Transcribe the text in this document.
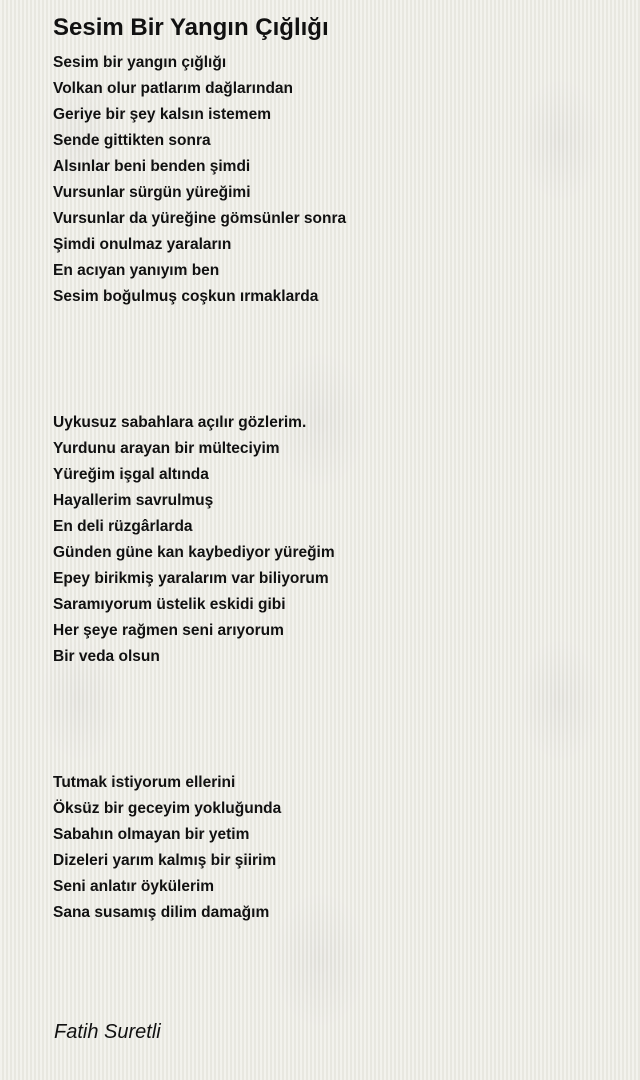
Sesim Bir Yangın Çığlığı
Sesim bir yangın çığlığı
Volkan olur patlarım dağlarından
Geriye bir şey kalsın istemem
Sende gittikten sonra
Alsınlar beni benden şimdi
Vursunlar sürgün yüreğimi
Vursunlar da yüreğine gömsünler sonra
Şimdi onulmaz yaraların
En acıyan yanıyım ben
Sesim boğulmuş coşkun ırmaklarda
Uykusuz sabahlara açılır gözlerim.
Yurdunu arayan bir mülteciyim
Yüreğim işgal altında
Hayallerim savrulmuş
En deli rüzgârlarda
Günden güne kan kaybediyor yüreğim
Epey birikmiş yaralarım var biliyorum
Saramıyorum üstelik eskidi gibi
Her şeye rağmen seni arıyorum
Bir veda olsun
Tutmak istiyorum ellerini
Öksüz bir geceyim yokluğunda
Sabahın olmayan bir yetim
Dizeleri yarım kalmış bir şiirim
Seni anlatır öykülerim
Sana susamış dilim damağım
Fatih Suretli
